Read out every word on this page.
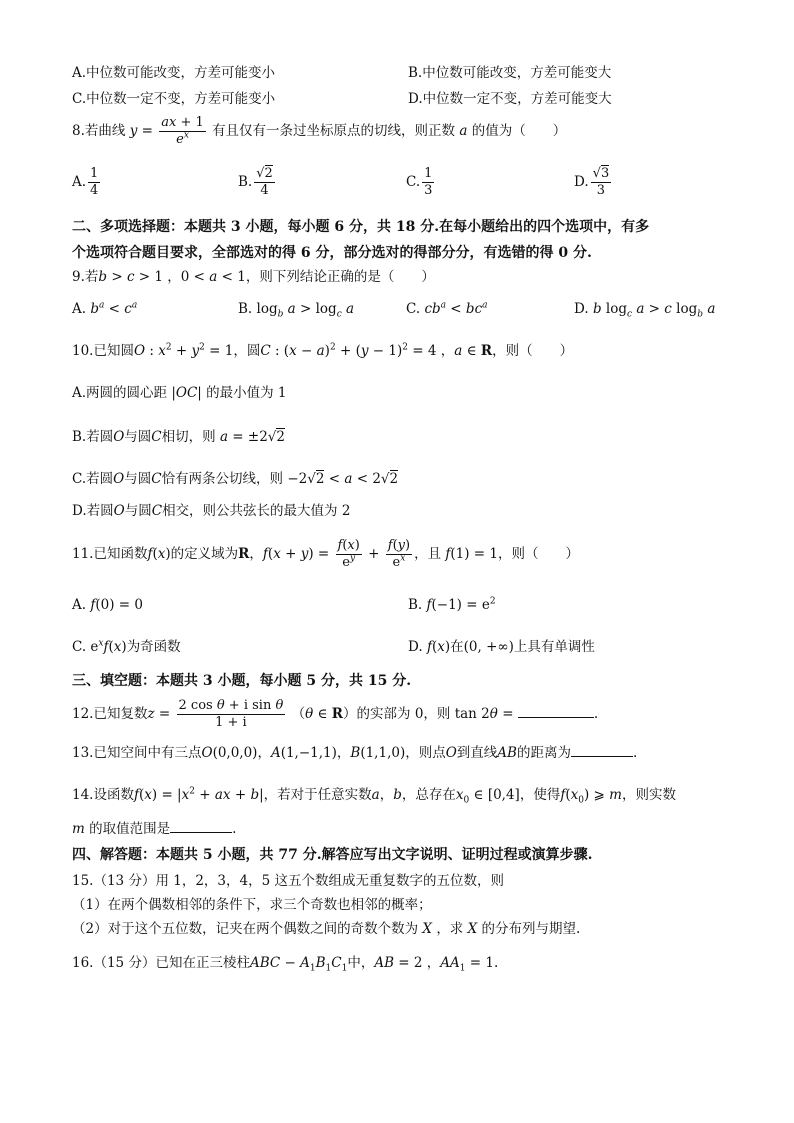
A.中位数可能改变，方差可能变小	B.中位数可能改变，方差可能变大
C.中位数一定不变，方差可能变小	D.中位数一定不变，方差可能变大
8.若曲线 $y = \frac{ax + 1}{e^x}$ 有且仅有一条过坐标原点的切线，则正数 a 的值为（　　）
A. $\frac{1}{4}$	B. $\frac{√2}{4}$	C. $\frac{1}{3}$	D. $\frac{√3}{3}$
二、多项选择题：本题共 3 小题，每小题 6 分，共 18 分.在每小题给出的四个选项中，有多
个选项符合题目要求，全部选对的得 6 分，部分选对的得部分分，有选错的得 0 分.
9.若b > c > 1 ，0 < a < 1，则下列结论正确的是（　　）
A. $b^a < c^a$	B. $\log_b a > \log_c a$	C. $cb^a < bc^a$	D. b $\log_c a > c$ $\log_b a$
10.已知圆O : $x^2 + y^2 = 1$，圆C : $(x - a)^2 + (y - 1)^2 = 4$ ，a ∈ R，则（　　）
A.两圆的圆心距 |OC| 的最小值为 1
B.若圆O与圆C相切，则 a = ±2√2
C.若圆O与圆C恰有两条公切线，则 −2√2 < a < 2√2
D.若圆O与圆C相交，则公共弦长的最大值为 2
11.已知函数f(x)的定义域为R，$f(x + y) = \frac{f(x)}{e^y} + \frac{f(y)}{e^x}$ ，且 f(1) = 1，则（　　）
A. f(0) = 0	B. $f(-1) = e^2$
C. $e^xf(x)$为奇函数	D. f(x)在(0, +∞)上具有单调性
三、填空题：本题共 3 小题，每小题 5 分，共 15 分.
12.已知复数$z = \frac{\text{2 cos θ + i sin θ}}{1 + i} (\theta$ ∈ R）的实部为 0，则 tan 2θ =	.
13.已知空间中有三点O(0,0,0)，A(1,−1,1)，B(1,1,0)，则点O到直线AB的距离为	.
14.设函数$f(x) = |x^2$ + ax + b|，若对于任意实数a，b，总存在$x_0$ ∈ [0,4]，使得$f(x_0)$ ⩾ m，则实数
m 的取值范围是	.
四、解答题：本题共 5 小题，共 77 分.解答应写出文字说明、证明过程或演算步骤.
15.（13 分）用 1，2，3，4，5 这五个数组成无重复数字的五位数，则
（1）在两个偶数相邻的条件下，求三个奇数也相邻的概率；
（2）对于这个五位数，记夹在两个偶数之间的奇数个数为 X ，求 X 的分布列与期望.
16.（15 分）已知在正三棱柱ABC − $A_1B_1C_1$中，AB = 2 ，$AA_1 = 1$.
